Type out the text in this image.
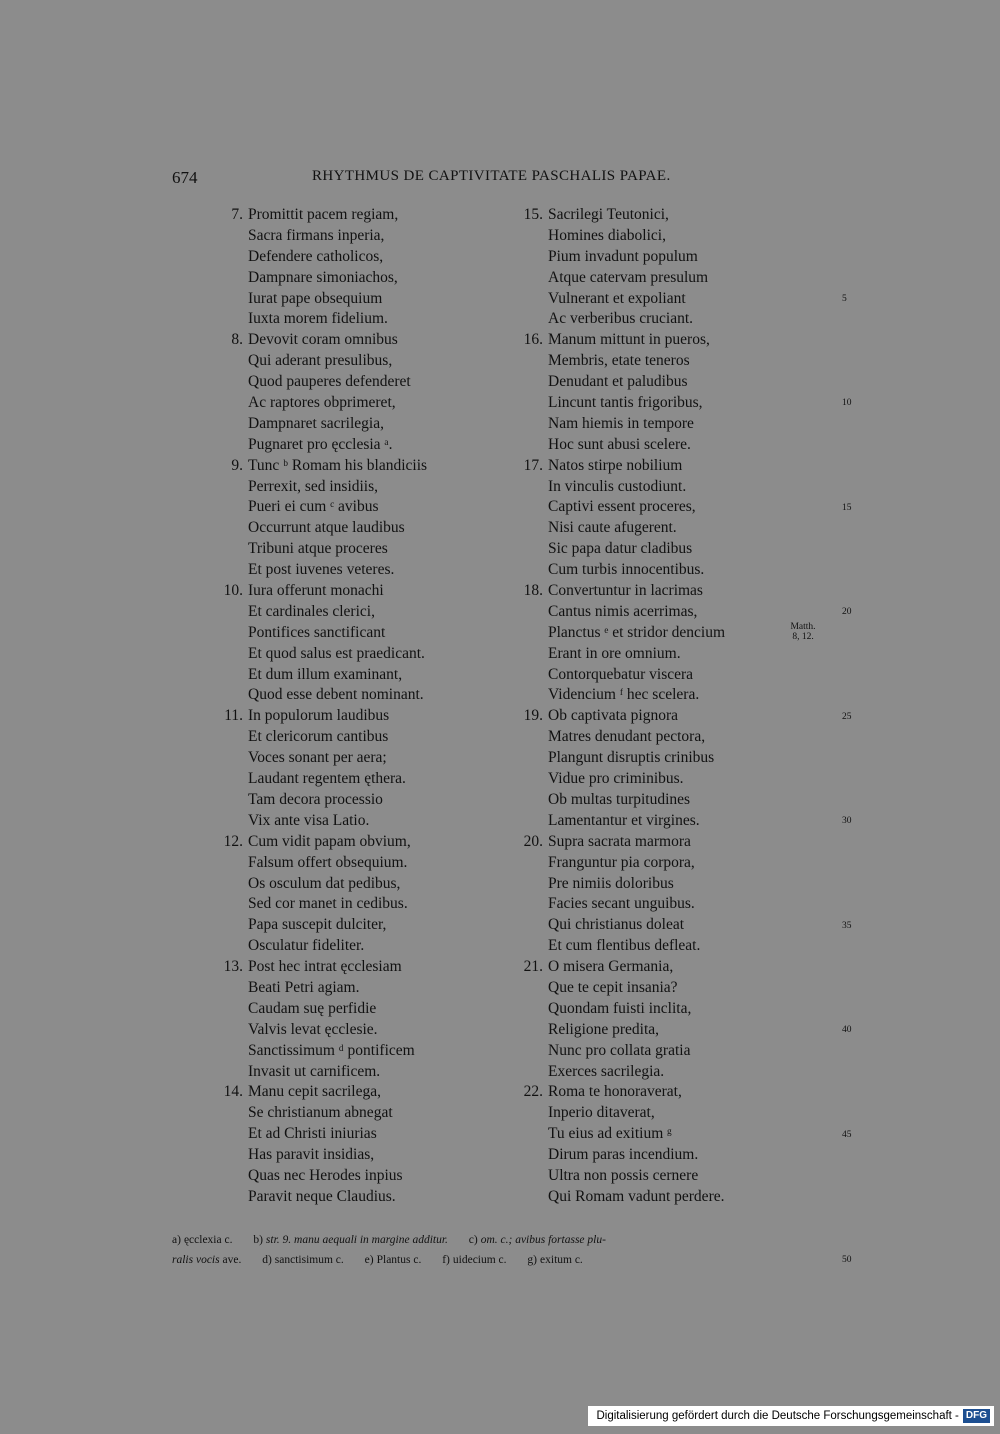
674	RHYTHMUS DE CAPTIVITATE PASCHALIS PAPAE.
7. Promittit pacem regiam,
Sacra firmans inperia,
Defendere catholicos,
Dampnare simoniachos,
Iurat pape obsequium
Iuxta morem fidelium.
8. Devovit coram omnibus
Qui aderant presulibus,
Quod pauperes defenderet
Ac raptores obprimeret,
Dampnaret sacrilegia,
Pugnaret pro ęcclesia ᵃ.
9. Tunc ᵇ Romam his blandiciis
Perrexit, sed insidiis,
Pueri ei cum ᶜ avibus
Occurrunt atque laudibus
Tribuni atque proceres
Et post iuvenes veteres.
10. Iura offerunt monachi
Et cardinales clerici,
Pontifices sanctificant
Et quod salus est praedicant.
Et dum illum examinant,
Quod esse debent nominant.
11. In populorum laudibus
Et clericorum cantibus
Voces sonant per aera;
Laudant regentem ęthera.
Tam decora processio
Vix ante visa Latio.
12. Cum vidit papam obvium,
Falsum offert obsequium.
Os osculum dat pedibus,
Sed cor manet in cedibus.
Papa suscepit dulciter,
Osculatur fideliter.
13. Post hec intrat ęcclesiam
Beati Petri agiam.
Caudam suę perfidie
Valvis levat ęcclesie.
Sanctissimum ᵈ pontificem
Invasit ut carnificem.
14. Manu cepit sacrilega,
Se christianum abnegat
Et ad Christi iniurias
Has paravit insidias,
Quas nec Herodes inpius
Paravit neque Claudius.
15. Sacrilegi Teutonici,
Homines diabolici,
Pium invadunt populum
Atque catervam presulum
Vulnerant et expoliant
Ac verberibus cruciant.
16. Manum mittunt in pueros,
Membris, etate teneros
Denudant et paludibus
Lincunt tantis frigoribus,
Nam hiemis in tempore
Hoc sunt abusi scelere.
17. Natos stirpe nobilium
In vinculis custodiunt.
Captivi essent proceres,
Nisi caute afugerent.
Sic papa datur cladibus
Cum turbis innocentibus.
18. Convertuntur in lacrimas
Cantus nimis acerrimas,
Planctus ᵉ et stridor dencium
Erant in ore omnium.
Contorquebatur viscera
Videncium ᶠ hec scelera.
19. Ob captivata pignora
Matres denudant pectora,
Plangunt disruptis crinibus
Vidue pro criminibus.
Ob multas turpitudines
Lamentantur et virgines.
20. Supra sacrata marmora
Franguntur pia corpora,
Pre nimiis doloribus
Facies secant unguibus.
Qui christianus doleat
Et cum flentibus defleat.
21. O misera Germania,
Que te cepit insania?
Quondam fuisti inclita,
Religione predita,
Nunc pro collata gratia
Exerces sacrilegia.
22. Roma te honoraverat,
Inperio ditaverat,
Tu eius ad exitium ᵍ
Dirum paras incendium.
Ultra non possis cernere
Qui Romam vadunt perdere.
5
10
15
20
25
30
35
40
45
Matth.
8, 12.
a) ęcclexia c. b) str. 9. manu aequali in margine additur. c) om. c.; avibus fortasse plu-
ralis vocis ave. d) sanctisimum c. e) Plantus c. f) uidecium c. g) exitum c.	50
Digitalisierung gefördert durch die Deutsche Forschungsgemeinschaft - DFG
